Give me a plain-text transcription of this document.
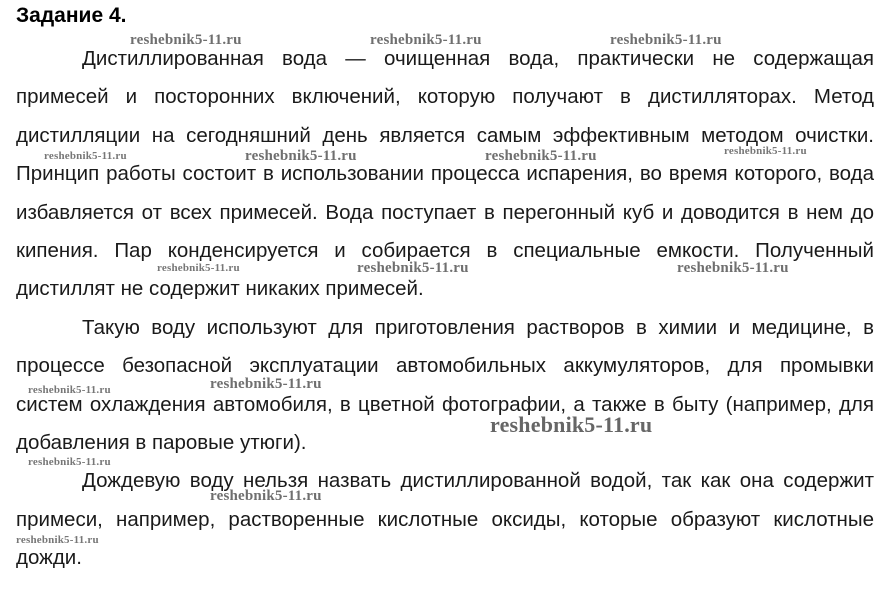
Задание 4.

Дистиллированная вода — очищенная вода, практически не содержащая примесей и посторонних включений, которую получают в дистилляторах. Метод дистилляции на сегодняшний день является самым эффективным методом очистки. Принцип работы состоит в использовании процесса испарения, во время которого, вода избавляется от всех примесей. Вода поступает в перегонный куб и доводится в нем до кипения. Пар конденсируется и собирается в специальные емкости. Полученный дистиллят не содержит никаких примесей.

Такую воду используют для приготовления растворов в химии и медицине, в процессе безопасной эксплуатации автомобильных аккумуляторов, для промывки систем охлаждения автомобиля, в цветной фотографии, а также в быту (например, для добавления в паровые утюги).

Дождевую воду нельзя назвать дистиллированной водой, так как она содержит примеси, например, растворенные кислотные оксиды, которые образуют кислотные дожди.

reshebnik5-11.ru	reshebnik5-11.ru	reshebnik5-11.ru
reshebnik5-11.ru	reshebnik5-11.ru	reshebnik5-11.ru	reshebnik5-11.ru
reshebnik5-11.ru	reshebnik5-11.ru	reshebnik5-11.ru
reshebnik5-11.ru	reshebnik5-11.ru
reshebnik5-11.ru
reshebnik5-11.ru
reshebnik5-11.ru
reshebnik5-11.ru
